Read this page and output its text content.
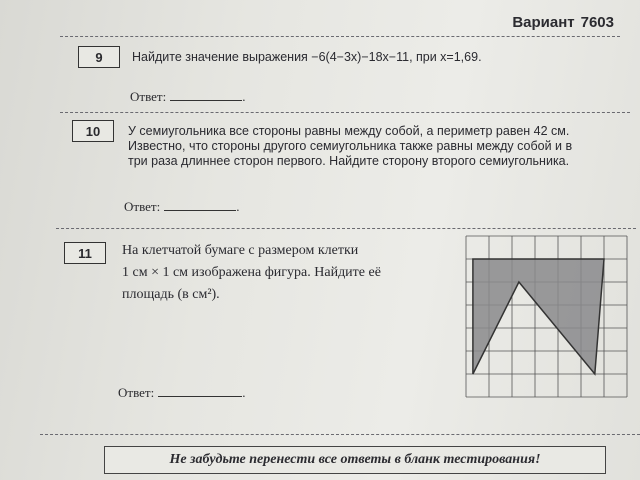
Вариант 7603
9 Найдите значение выражения −6(4−3x)−18x−11, при x=1,69.
Ответ:	.
10 У семиугольника все стороны равны между собой, а периметр равен 42 см.
Известно, что стороны другого семиугольника также равны между собой и в
три раза длиннее сторон первого. Найдите сторону второго семиугольника.
Ответ:	.
11 На клетчатой бумаге с размером клетки
1 см × 1 см изображена фигура. Найдите её
площадь (в см²).
Ответ:	.
Не забудьте перенести все ответы в бланк тестирования!
